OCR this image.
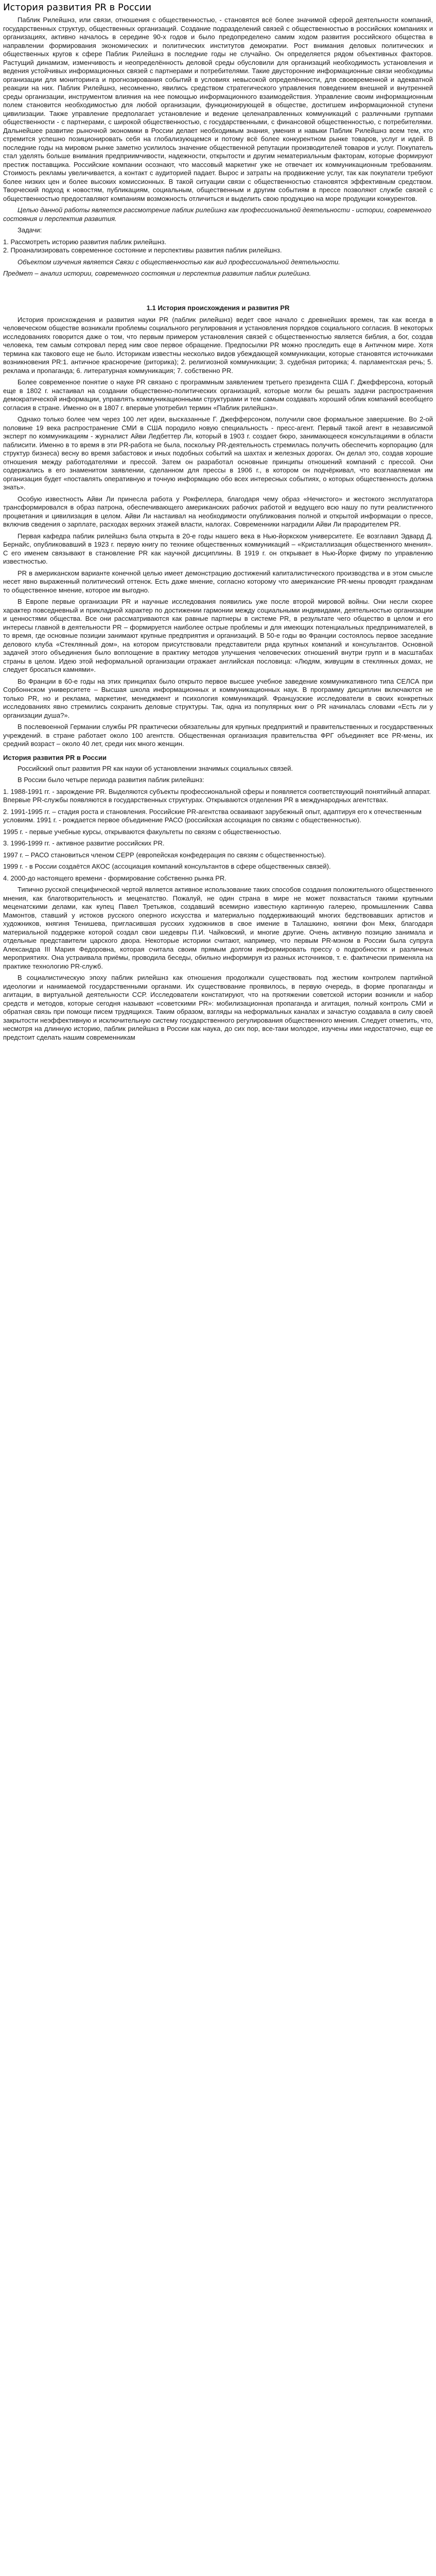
История развития PR в России

Паблик Рилейшнз, или связи, отношения с общественностью, - становятся всё более значимой сферой деятельности компаний, государственных структур, общественных организаций. Создание подразделений связей с общественностью в российских компаниях и организациях, активно началось в середине 90-х годов и было предопределено самим ходом развития российского общества в направлении формирования экономических и политических институтов демократии. Рост внимания деловых политических и общественных кругов к сфере Паблик Рилейшнз в последние годы не случайно. Он определяется рядом объективных факторов. Растущий динамизм, изменчивость и неопределённость деловой среды обусловили для организаций необходимость установления и ведения устойчивых информационных связей с партнерами и потребителями. Такие двусторонние информационные связи необходимы организации для мониторинга и прогнозирования событий в условиях невысокой определённости, для своевременной и адекватной реакции на них. Паблик Рилейшнз, несомненно, явились средством стратегического управления поведением внешней и внутренней среды организации, инструментом влияния на нее помощью информационного взаимодействия. Управление своим информационным полем становится необходимостью для любой организации, функционирующей в обществе, достигшем информационной ступени цивилизации. Также управление предполагает установление и ведение целенаправленных коммуникаций с различными группами общественности - с партнерами, с широкой общественностью, с государственными, с финансовой общественностью, с потребителями. Дальнейшее развитие рыночной экономики в России делает необходимым знания, умения и навыки Паблик Рилейшнз всем тем, кто стремится успешно позиционировать себя на глобализующемся и потому всё более конкурентном рынке товаров, услуг и идей. В последние годы на мировом рынке заметно усилилось значение общественной репутации производителей товаров и услуг. Покупатель стал уделять больше внимания предприимчивости, надежности, открытости и другим нематериальным факторам, которые формируют престиж поставщика. Российские компании осознают, что массовый маркетинг уже не отвечает их коммуникационным требованиям. Стоимость рекламы увеличивается, а контакт с аудиторией падает. Вырос и затраты на продвижение услуг, так как покупатели требуют более низких цен и более высоких комиссионных. В такой ситуации связи с общественностью становятся эффективным средством. Творческий подход к новостям, публикациям, социальным, общественным и другим событиям в прессе позволяют службе связей с общественностью предоставляют компаниям возможность отличиться и выделить свою продукцию на море продукции конкурентов.

Целью данной работы является рассмотрение паблик рилейшнз как профессиональной деятельности - истории, современного состояния и перспектив развития.

Задачи:

1. Рассмотреть историю развития паблик рилейшнз.

2. Проанализировать современное состояние и перспективы развития паблик рилейшнз.

Объектом изучения является Связи с общественностью как вид профессиональной деятельности.

Предмет – анализ истории, современного состояния и перспектив развития паблик рилейшнз.

1.1 История происхождения и развития PR

История происхождения и развития науки PR (паблик рилейшнз) ведет свое начало с древнейших времен, так как всегда в человеческом обществе возникали проблемы социального регулирования и установления порядков социального согласия. В некоторых исследованиях говорится даже о том, что первым примером установления связей с общественностью является библия, а бог, создав человека, тем самым соткровал перед ним свое первое обращение. Предпосылки PR можно проследить еще в Античном мире. Хотя термина как такового еще не было. Историкам известны несколько видов убеждающей коммуникации, которые становятся источниками возникновения PR:1. античное красноречие (риторика); 2. религиозной коммуникации; 3. судебная риторика; 4. парламентская речь; 5. реклама и пропаганда; 6. литературная коммуникация; 7. собственно PR.

Более современное понятие о науке PR связано с программным заявлением третьего президента США Г. Джефферсона, который еще в 1802 г. настаивал на создании общественно-политических организаций, которые могли бы решать задачи распространения демократической информации, управлять коммуникационными структурами и тем самым создавать хороший облик компаний всеобщего согласия в стране. Именно он в 1807 г. впервые употребил термин «Паблик рилейшнз».

Однако только более чем через 100 лет идеи, высказанные Г. Джефферсоном, получили свое формальное завершение. Во 2-ой половине 19 века распространение СМИ в США породило новую специальность - пресс-агент. Первый такой агент в независимой эксперт по коммуникациям - журналист Айви Ледбеттер Ли, который в 1903 г. создает бюро, занимающееся консультациями в области паблисити. Именно в то время в эти PR-работа не была, поскольку PR-деятельность стремилась получить обеспечить корпорацию (для структур бизнеса) весну во время забастовок и иных подобных событий на шахтах и железных дорогах. Он делал это, создав хорошие отношения между работодателями и прессой. Затем он разработал основные принципы отношений компаний с прессой. Они содержались в его знаменитом заявлении, сделанном для прессы в 1906 г., в котором он подчёркивал, что возглавляемая им организация будет «поставлять оперативную и точную информацию обо всех интересных событиях, о которых общественность должна знать».

Особую известность Айви Ли принесла работа у Рокфеллера, благодаря чему образ «Нечистого» и жестокого эксплуататора трансформировался в образ патрона, обеспечивающего американских рабочих работой и ведущего всю нашу по пути реалистичного процветания и цивилизация в целом. Айви Ли настаивал на необходимости опубликования полной и открытой информации о прессе, включив сведения о зарплате, расходах верхних этажей власти, налогах. Современники наградили Айви Ли прародителем PR.

Первая кафедра паблик рилейшнз была открыта в 20-е годы нашего века в Нью-йоркском университете. Ее возглавил Эдвард Д. Бернайс, опубликовавший в 1923 г. первую книгу по технике общественных коммуникаций – «Кристаллизация общественного мнения». С его именем связывают в становление PR как научной дисциплины. В 1919 г. он открывает в Нью-Йорке фирму по управлению известностью.

PR в американском варианте конечной целью имеет демонстрацию достижений капиталистического производства и в этом смысле несет явно выраженный политический оттенок. Есть даже мнение, согласно которому что американские PR-мены проводят гражданам то общественное мнение, которое им выгодно.

В Европе первые организации PR и научные исследования появились уже после второй мировой войны. Они несли скорее характер повседневный и прикладной характер по достижении гармонии между социальными индивидами, деятельностью организации и ценностями общества. Все они рассматриваются как равные партнеры в системе PR, в результате чего общество в целом и его интересы главной в деятельности PR – формируется наиболее острые проблемы и для имеющих потенциальных предпринимателей, в то время, где основные позиции занимают крупные предприятия и организаций. В 50-е годы во Франции состоялось первое заседание делового клуба «Стеклянный дом», на котором присутствовали представители ряда крупных компаний и консультантов. Основной задачей этого объединения было воплощение в практику методов улучшения человеческих отношений внутри групп и в масштабах страны в целом. Идею этой неформальной организации отражает английская пословица: «Людям, живущим в стеклянных домах, не следует бросаться камнями».

Во Франции в 60-е годы на этих принципах было открыто первое высшее учебное заведение коммуникативного типа СЕЛСА при Сорбоннском университете – Высшая школа информационных и коммуникационных наук. В программу дисциплин включаются не только PR, но и реклама, маркетинг, менеджмент и психология коммуникаций. Французские исследователи в своих конкретных исследованиях явно стремились сохранить деловые структуры. Так, одна из популярных книг о PR начиналась словами «Есть ли у организации душа?».

В послевоенной Германии службы PR практически обязательны для крупных предприятий и правительственных и государственных учреждений. в стране работает около 100 агентств. Общественная организация правительства ФРГ объединяет все PR-мены, их средний возраст – около 40 лет, среди них много женщин.

История развития PR в России

Российский опыт развития PR как науки об установлении значимых социальных связей.

В России было четыре периода развития паблик рилейшнз:

1. 1988-1991 гг. - зарождение PR. Выделяются субъекты профессиональной сферы и появляется соответствующий понятийный аппарат. Впервые PR-службы появляются в государственных структурах. Открываются отделения PR в международных агентствах.

2. 1991-1995 гг. – стадия роста и становления. Российские PR-агентства осваивают зарубежный опыт, адаптируя его к отечественным условиям. 1991 г. - рождается первое объединение РАСО (российская ассоциация по связям с общественностью).

1995 г. - первые учебные курсы, открываются факультеты по связям с общественностью.

3. 1996-1999 гг. - активное развитие российских PR.

1997 г. – РАСО становиться членом СЕРР (европейская конфедерация по связям с общественностью).

1999 г. - в России создаётся АКОС (ассоциация компаний консультантов в сфере общественных связей).

4. 2000-до настоящего времени - формирование собственно рынка PR.

Типично русской специфической чертой является активное использование таких способов создания положительного общественного мнения, как благотворительность и меценатство. Пожалуй, не один страна в мире не может похвастаться такими крупными меценатскими делами, как купец Павел Третьяков, создавший всемирно известную картинную галерею, промышленник Савва Мамонтов, ставший у истоков русского оперного искусства и материально поддерживающий многих бедствовавших артистов и художников, княгиня Тенишева, пригласившая русских художников в свое имение в Талашкино, княгини фон Мекк, благодаря материальной поддержке которой создал свои шедевры П.И. Чайковский, и многие другие. Очень активную позицию занимала и отдельные представители царского двора. Некоторые историки считают, например, что первым PR-мэном в России была супруга Александра III Мария Федоровна, которая считала своим прямым долгом информировать прессу о подробностях и различных мероприятиях. Она устраивала приёмы, проводила беседы, обильно информируя из разных источников, т. е. фактически применяла на практике технологию PR-служб.

В социалистическую эпоху паблик рилейшнз как отношения продолжали существовать под жестким контролем партийной идеологии и нанимаемой государственными органами. Их существование проявилось, в первую очередь, в форме пропаганды и агитации, в виртуальной деятельности ССР. Исследователи констатируют, что на протяжении советской истории возникли и набор средств и методов, которые сегодня называют «советскими PR»: мобилизационная пропаганда и агитация, полный контроль СМИ и обратная связь при помощи писем трудящихся. Таким образом, взгляды на неформальных каналах и зачастую создавала в силу своей закрытости неэффективную и исключительную систему государственного регулирования общественного мнения. Следует отметить, что, несмотря на длинную историю, паблик рилейшнз в России как наука, до сих пор, все-таки молодое, изучены ими недостаточно, еще ее предстоит сделать нашим современникам
